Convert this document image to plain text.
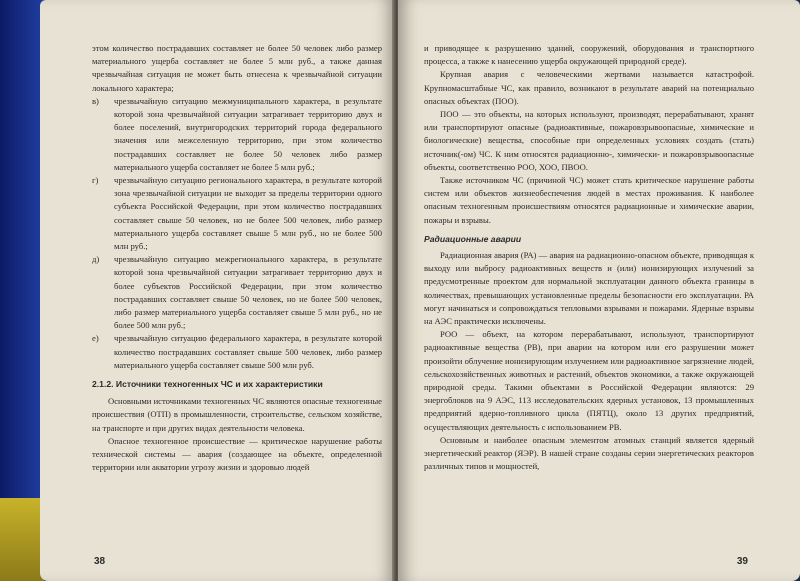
этом количество пострадавших составляет не более 50 человек либо размер материального ущерба составляет не более 5 млн руб., а также данная чрезвычайная ситуация не может быть отнесена к чрезвычайной ситуации локального характера;

в)	чрезвычайную ситуацию межмуниципального характера, в результате которой зона чрезвычайной ситуации затрагивает территорию двух и более поселений, внутригородских территорий города федерального значения или межселенную территорию, при этом количество пострадавших составляет не более 50 человек либо размер материального ущерба составляет не более 5 млн руб.;
г)	чрезвычайную ситуацию регионального характера, в результате которой зона чрезвычайной ситуации не выходит за пределы территории одного субъекта Российской Федерации, при этом количество пострадавших составляет свыше 50 человек, но не более 500 человек, либо размер материального ущерба составляет свыше 5 млн руб., но не более 500 млн руб.;
д)	чрезвычайную ситуацию межрегионального характера, в результате которой зона чрезвычайной ситуации затрагивает территорию двух и более субъектов Российской Федерации, при этом количество пострадавших составляет свыше 50 человек, но не более 500 человек, либо размер материального ущерба составляет свыше 5 млн руб., но не более 500 млн руб.;
е)	чрезвычайную ситуацию федерального характера, в результате которой количество пострадавших составляет свыше 500 человек, либо размер материального ущерба составляет свыше 500 млн руб.
2.1.2. Источники техногенных ЧС и их характеристики

Основными источниками техногенных ЧС являются опасные техногенные происшествия (ОТП) в промышленности, строительстве, сельском хозяйстве, на транспорте и при других видах деятельности человека.

Опасное техногенное происшествие — критическое нарушение работы технической системы — авария (создающее на объекте, определенной территории или акватории угрозу жизни и здоровью людей

38

и приводящее к разрушению зданий, сооружений, оборудования и транспортного процесса, а также к нанесению ущерба окружающей природной среде).

Крупная авария с человеческими жертвами называется катастрофой. Крупномасштабные ЧС, как правило, возникают в результате аварий на потенциально опасных объектах (ПОО).

ПОО — это объекты, на которых используют, производят, перерабатывают, хранят или транспортируют опасные (радиоактивные, пожаровзрывоопасные, химические и биологические) вещества, способные при определенных условиях создать (стать) источник(-ом) ЧС. К ним относятся радиационно-, химически- и пожаровзрывоопасные объекты, соответственно РОО, ХОО, ПВОО.

Также источником ЧС (причиной ЧС) может стать критическое нарушение работы систем или объектов жизнеобеспечения людей в местах проживания. К наиболее опасным техногенным происшествиям относятся радиационные и химические аварии, пожары и взрывы.

Радиационные аварии

Радиационная авария (РА) — авария на радиационно-опасном объекте, приводящая к выходу или выбросу радиоактивных веществ и (или) ионизирующих излучений за предусмотренные проектом для нормальной эксплуатации данного объекта границы в количествах, превышающих установленные пределы безопасности его эксплуатации. РА могут начинаться и сопровождаться тепловыми взрывами и пожарами. Ядерные взрывы на АЭС практически исключены.

РОО — объект, на котором перерабатывают, используют, транспортируют радиоактивные вещества (РВ), при аварии на котором или его разрушении может произойти облучение ионизирующим излучением или радиоактивное загрязнение людей, сельскохозяйственных животных и растений, объектов экономики, а также окружающей природной среды. Такими объектами в Российской Федерации являются: 29 энергоблоков на 9 АЭС, 113 исследовательских ядерных установок, 13 промышленных предприятий ядерно-топливного цикла (ПЯТЦ), около 13 других предприятий, осуществляющих деятельность с использованием РВ.

Основным и наиболее опасным элементом атомных станций является ядерный энергетический реактор (ЯЭР). В нашей стране созданы серии энергетических реакторов различных типов и мощностей,

39
